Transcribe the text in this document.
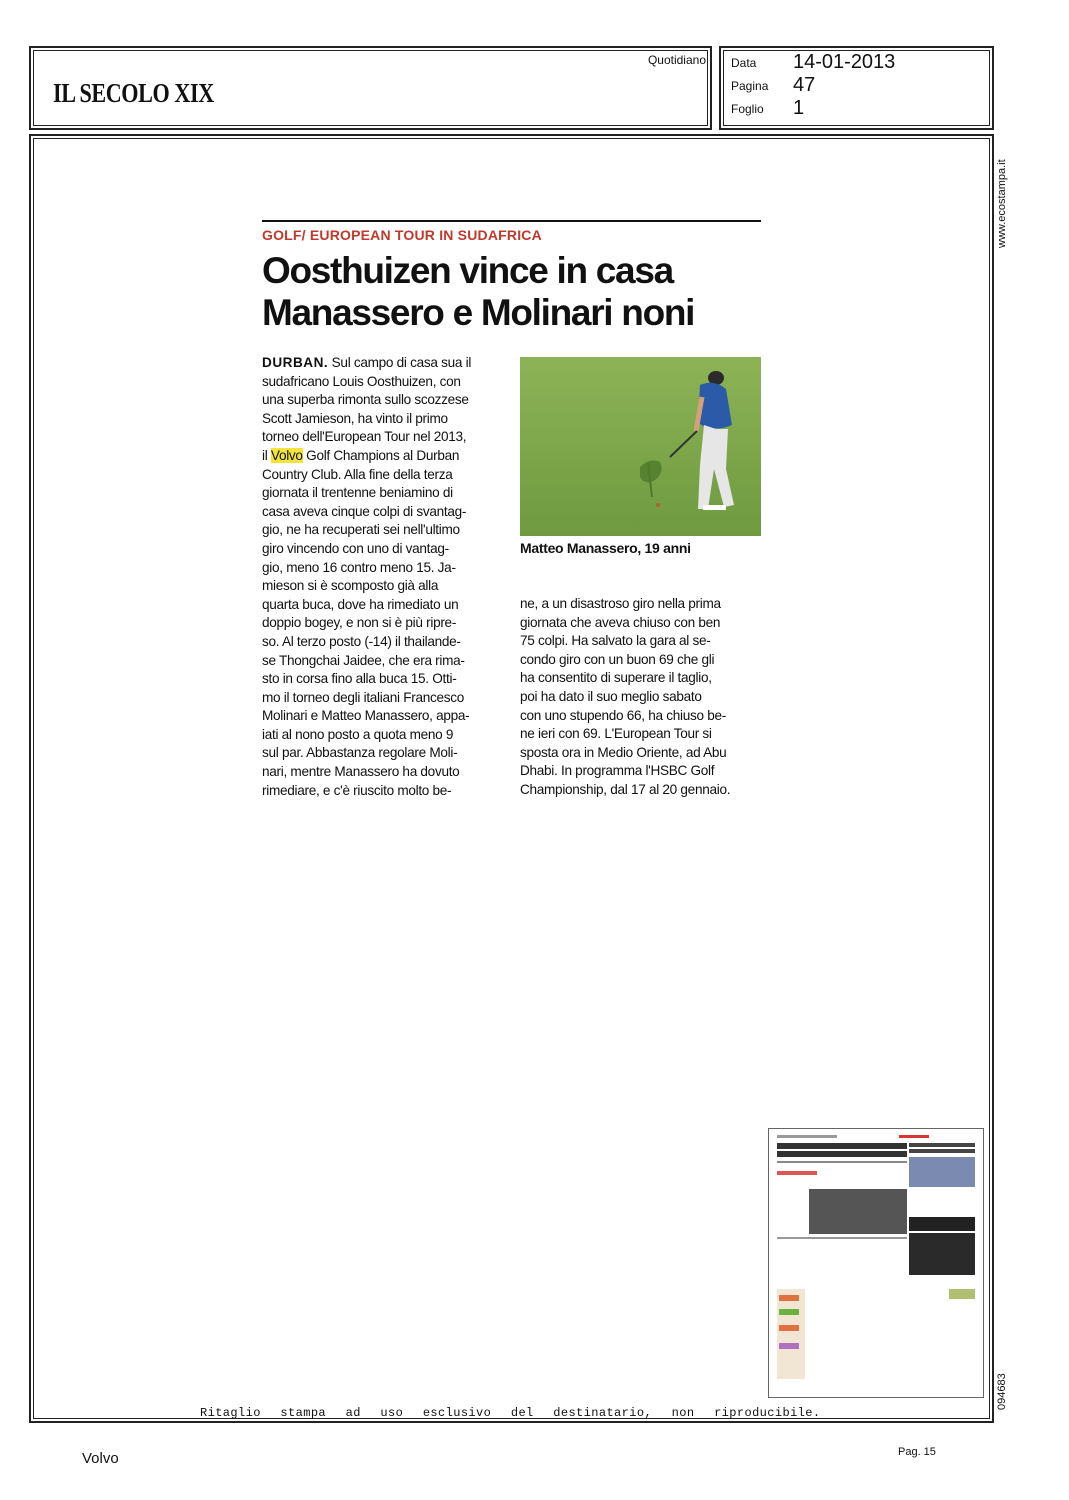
IL SECOLO XIX
Quotidiano Data 14-01-2013
Pagina 47
Foglio 1
www.ecostampa.it
094683
GOLF/ EUROPEAN TOUR IN SUDAFRICA
Oosthuizen vince in casa
Manassero e Molinari noni
DURBAN. Sul campo di casa sua il
sudafricano Louis Oosthuizen, con
una superba rimonta sullo scozzese
Scott Jamieson, ha vinto il primo
torneo dell'European Tour nel 2013,
il Volvo Golf Champions al Durban
Country Club. Alla fine della terza
giornata il trentenne beniamino di
casa aveva cinque colpi di svantag-
gio, ne ha recuperati sei nell'ultimo
giro vincendo con uno di vantag-
gio, meno 16 contro meno 15. Ja-
mieson si è scomposto già alla
quarta buca, dove ha rimediato un
doppio bogey, e non si è più ripre-
so. Al terzo posto (-14) il thailande-
se Thongchai Jaidee, che era rima-
sto in corsa fino alla buca 15. Otti-
mo il torneo degli italiani Francesco
Molinari e Matteo Manassero, appa-
iati al nono posto a quota meno 9
sul par. Abbastanza regolare Moli-
nari, mentre Manassero ha dovuto
rimediare, e c'è riuscito molto be-
Matteo Manassero, 19 anni
ne, a un disastroso giro nella prima
giornata che aveva chiuso con ben
75 colpi. Ha salvato la gara al se-
condo giro con un buon 69 che gli
ha consentito di superare il taglio,
poi ha dato il suo meglio sabato
con uno stupendo 66, ha chiuso be-
ne ieri con 69. L'European Tour si
sposta ora in Medio Oriente, ad Abu
Dhabi. In programma l'HSBC Golf
Championship, dal 17 al 20 gennaio.
Ritaglio stampa ad uso esclusivo del destinatario, non riproducibile.
Volvo	Pag. 15
